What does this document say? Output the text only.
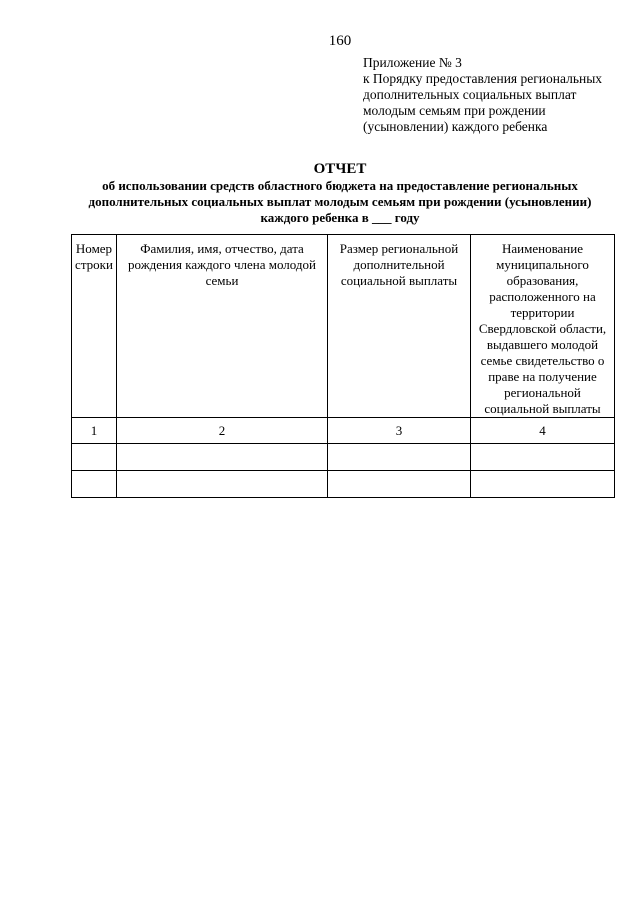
160
Приложение № 3
к Порядку предоставления региональных
дополнительных социальных выплат
молодым семьям при рождении
(усыновлении) каждого ребенка
ОТЧЕТ
об использовании средств областного бюджета на предоставление региональных
дополнительных социальных выплат молодым семьям при рождении (усыновлении)
каждого ребенка в ___ году
Номер строки	Фамилия, имя, отчество, дата рождения каждого члена молодой семьи	Размер региональной дополнительной социальной выплаты	Наименование муниципального образования, расположенного на территории Свердловской области, выдавшего молодой семье свидетельство о праве на получение региональной социальной выплаты

1	2	3	4
